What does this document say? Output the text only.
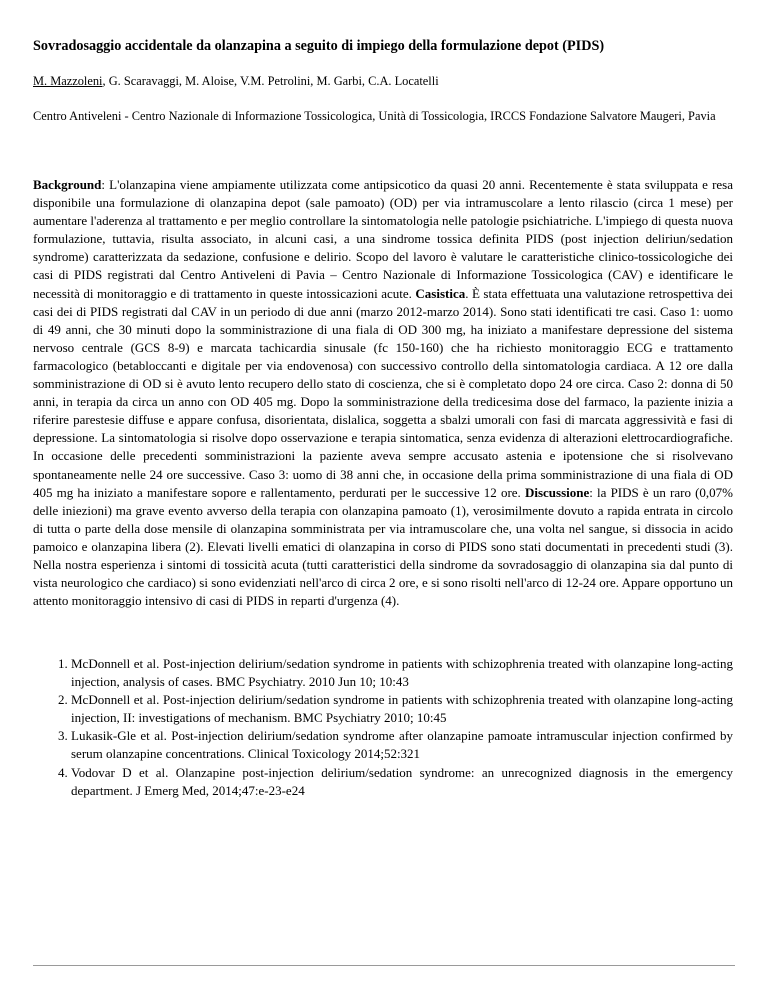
Sovradosaggio accidentale da olanzapina a seguito di impiego della formulazione depot (PIDS)
M. Mazzoleni, G. Scaravaggi, M. Aloise, V.M. Petrolini, M. Garbi, C.A. Locatelli
Centro Antiveleni - Centro Nazionale di Informazione Tossicologica, Unità di Tossicologia, IRCCS Fondazione Salvatore Maugeri, Pavia

Background: L'olanzapina viene ampiamente utilizzata come antipsicotico da quasi 20 anni. Recentemente è stata sviluppata e resa disponibile una formulazione di olanzapina depot (sale pamoato) (OD) per via intramuscolare a lento rilascio (circa 1 mese) per aumentare l'aderenza al trattamento e per meglio controllare la sintomatologia nelle patologie psichiatriche. L'impiego di questa nuova formulazione, tuttavia, risulta associato, in alcuni casi, a una sindrome tossica definita PIDS (post injection deliriun/sedation syndrome) caratterizzata da sedazione, confusione e delirio. Scopo del lavoro è valutare le caratteristiche clinico-tossicologiche dei casi di PIDS registrati dal Centro Antiveleni di Pavia – Centro Nazionale di Informazione Tossicologica (CAV) e identificare le necessità di monitoraggio e di trattamento in queste intossicazioni acute. Casistica. È stata effettuata una valutazione retrospettiva dei casi dei di PIDS registrati dal CAV in un periodo di due anni (marzo 2012-marzo 2014). Sono stati identificati tre casi. Caso 1: uomo di 49 anni, che 30 minuti dopo la somministrazione di una fiala di OD 300 mg, ha iniziato a manifestare depressione del sistema nervoso centrale (GCS 8-9) e marcata tachicardia sinusale (fc 150-160) che ha richiesto monitoraggio ECG e trattamento farmacologico (betabloccanti e digitale per via endovenosa) con successivo controllo della sintomatologia cardiaca. A 12 ore dalla somministrazione di OD si è avuto lento recupero dello stato di coscienza, che si è completato dopo 24 ore circa. Caso 2: donna di 50 anni, in terapia da circa un anno con OD 405 mg. Dopo la somministrazione della tredicesima dose del farmaco, la paziente inizia a riferire parestesie diffuse e appare confusa, disorientata, dislalica, soggetta a sbalzi umorali con fasi di marcata aggressività e fasi di depressione. La sintomatologia si risolve dopo osservazione e terapia sintomatica, senza evidenza di alterazioni elettrocardiografiche. In occasione delle precedenti somministrazioni la paziente aveva sempre accusato astenia e ipotensione che si risolvevano spontaneamente nelle 24 ore successive. Caso 3: uomo di 38 anni che, in occasione della prima somministrazione di una fiala di OD 405 mg ha iniziato a manifestare sopore e rallentamento, perdurati per le successive 12 ore. Discussione: la PIDS è un raro (0,07% delle iniezioni) ma grave evento avverso della terapia con olanzapina pamoato (1), verosimilmente dovuto a rapida entrata in circolo di tutta o parte della dose mensile di olanzapina somministrata per via intramuscolare che, una volta nel sangue, si dissocia in acido pamoico e olanzapina libera (2). Elevati livelli ematici di olanzapina in corso di PIDS sono stati documentati in precedenti studi (3). Nella nostra esperienza i sintomi di tossicità acuta (tutti caratteristici della sindrome da sovradosaggio di olanzapina sia dal punto di vista neurologico che cardiaco) si sono evidenziati nell'arco di circa 2 ore, e si sono risolti nell'arco di 12-24 ore. Appare opportuno un attento monitoraggio intensivo di casi di PIDS in reparti d'urgenza (4).

1. McDonnell et al. Post-injection delirium/sedation syndrome in patients with schizophrenia treated with olanzapine long-acting injection, analysis of cases. BMC Psychiatry. 2010 Jun 10; 10:43
2. McDonnell et al. Post-injection delirium/sedation syndrome in patients with schizophrenia treated with olanzapine long-acting injection, II: investigations of mechanism. BMC Psychiatry 2010; 10:45
3. Lukasik-Gle et al. Post-injection delirium/sedation syndrome after olanzapine pamoate intramuscular injection confirmed by serum olanzapine concentrations. Clinical Toxicology 2014;52:321
4. Vodovar D et al. Olanzapine post-injection delirium/sedation syndrome: an unrecognized diagnosis in the emergency department. J Emerg Med, 2014;47:e-23-e24
